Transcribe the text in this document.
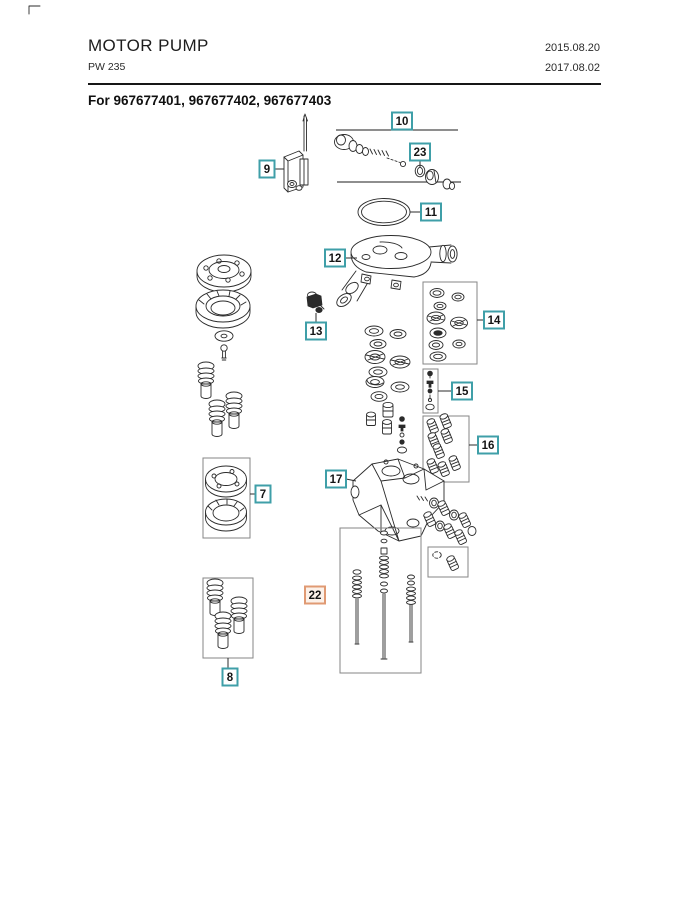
MOTOR PUMP
PW 235
2015.08.20
2017.08.02
For 967677401, 967677402, 967677403
9
10
23
11
12
13
14
15
16
17
7
8
22
